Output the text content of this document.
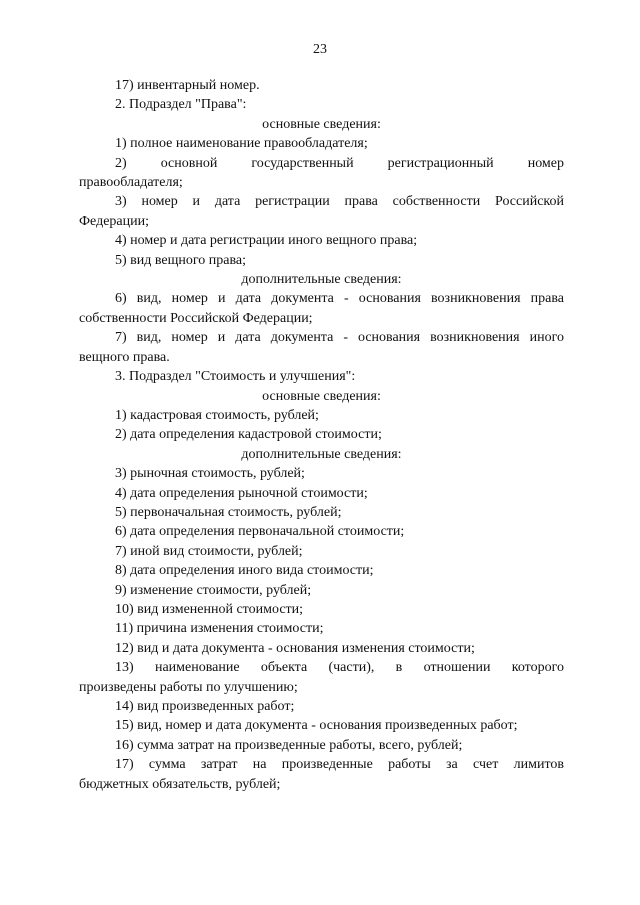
23
17) инвентарный номер.
2. Подраздел "Права":
основные сведения:
1) полное наименование правообладателя;
2) основной государственный регистрационный номер
правообладателя;
3) номер и дата регистрации права собственности Российской
Федерации;
4) номер и дата регистрации иного вещного права;
5) вид вещного права;
дополнительные сведения:
6) вид, номер и дата документа - основания возникновения права
собственности Российской Федерации;
7) вид, номер и дата документа - основания возникновения иного
вещного права.
3. Подраздел "Стоимость и улучшения":
основные сведения:
1) кадастровая стоимость, рублей;
2) дата определения кадастровой стоимости;
дополнительные сведения:
3) рыночная стоимость, рублей;
4) дата определения рыночной стоимости;
5) первоначальная стоимость, рублей;
6) дата определения первоначальной стоимости;
7) иной вид стоимости, рублей;
8) дата определения иного вида стоимости;
9) изменение стоимости, рублей;
10) вид измененной стоимости;
11) причина изменения стоимости;
12) вид и дата документа - основания изменения стоимости;
13) наименование объекта (части), в отношении которого
произведены работы по улучшению;
14) вид произведенных работ;
15) вид, номер и дата документа - основания произведенных работ;
16) сумма затрат на произведенные работы, всего, рублей;
17) сумма затрат на произведенные работы за счет лимитов
бюджетных обязательств, рублей;
